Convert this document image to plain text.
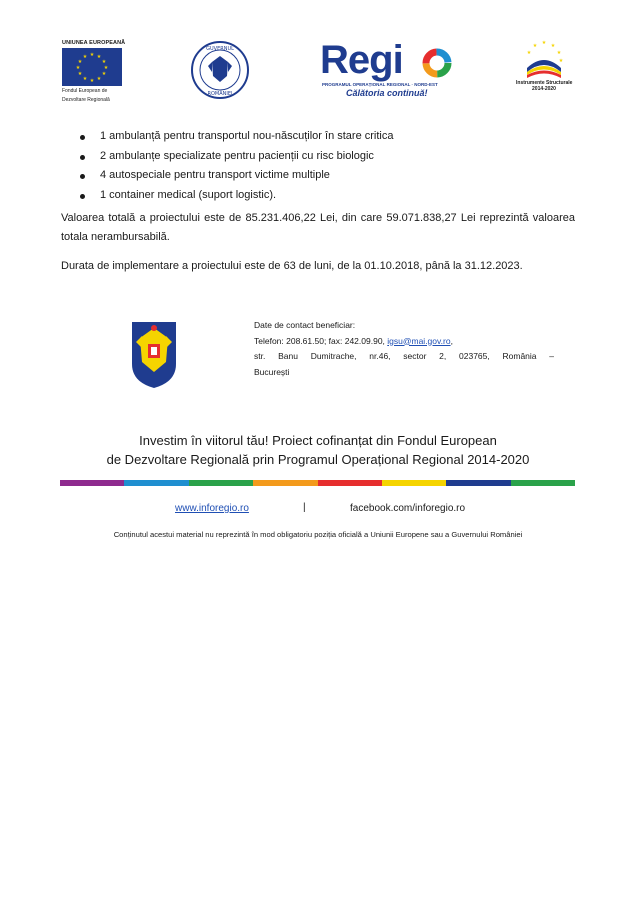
UNIUNEA EUROPEANĂ
★ ★
★
★
★
★
★
★
★
★
★
★
Fondul European de
Dezvoltare Regională
GUVERNUL
ROMÂNIEI
Regi
PROGRAMUL OPERAȚIONAL REGIONAL · NORD-EST
Călătoria continuă!
★ ★
★
★
★
★
Instrumente Structurale
2014-2020
1 ambulanță pentru transportul nou-născuților în stare critica
2 ambulanțe specializate pentru pacienții cu risc biologic
4 autospeciale pentru transport victime multiple
1 container medical (suport logistic).
Valoarea totală a proiectului este de 85.231.406,22 Lei, din care 59.071.838,27 Lei reprezintă valoarea totala nerambursabilă.
Durata de implementare a proiectului este de 63 de luni, de la 01.10.2018, până la 31.12.2023.
Date de contact beneficiar:
Telefon: 208.61.50; fax: 242.09.90, igsu@mai.gov.ro,
str. Banu Dumitrache, nr.46, sector 2, 023765, România –
București
Investim în viitorul tău! Proiect cofinanțat din Fondul European
de Dezvoltare Regională prin Programul Operațional Regional 2014-2020
www.inforegio.ro	|	facebook.com/inforegio.ro
Conținutul acestui material nu reprezintă în mod obligatoriu poziția oficială a Uniunii Europene sau a Guvernului României
